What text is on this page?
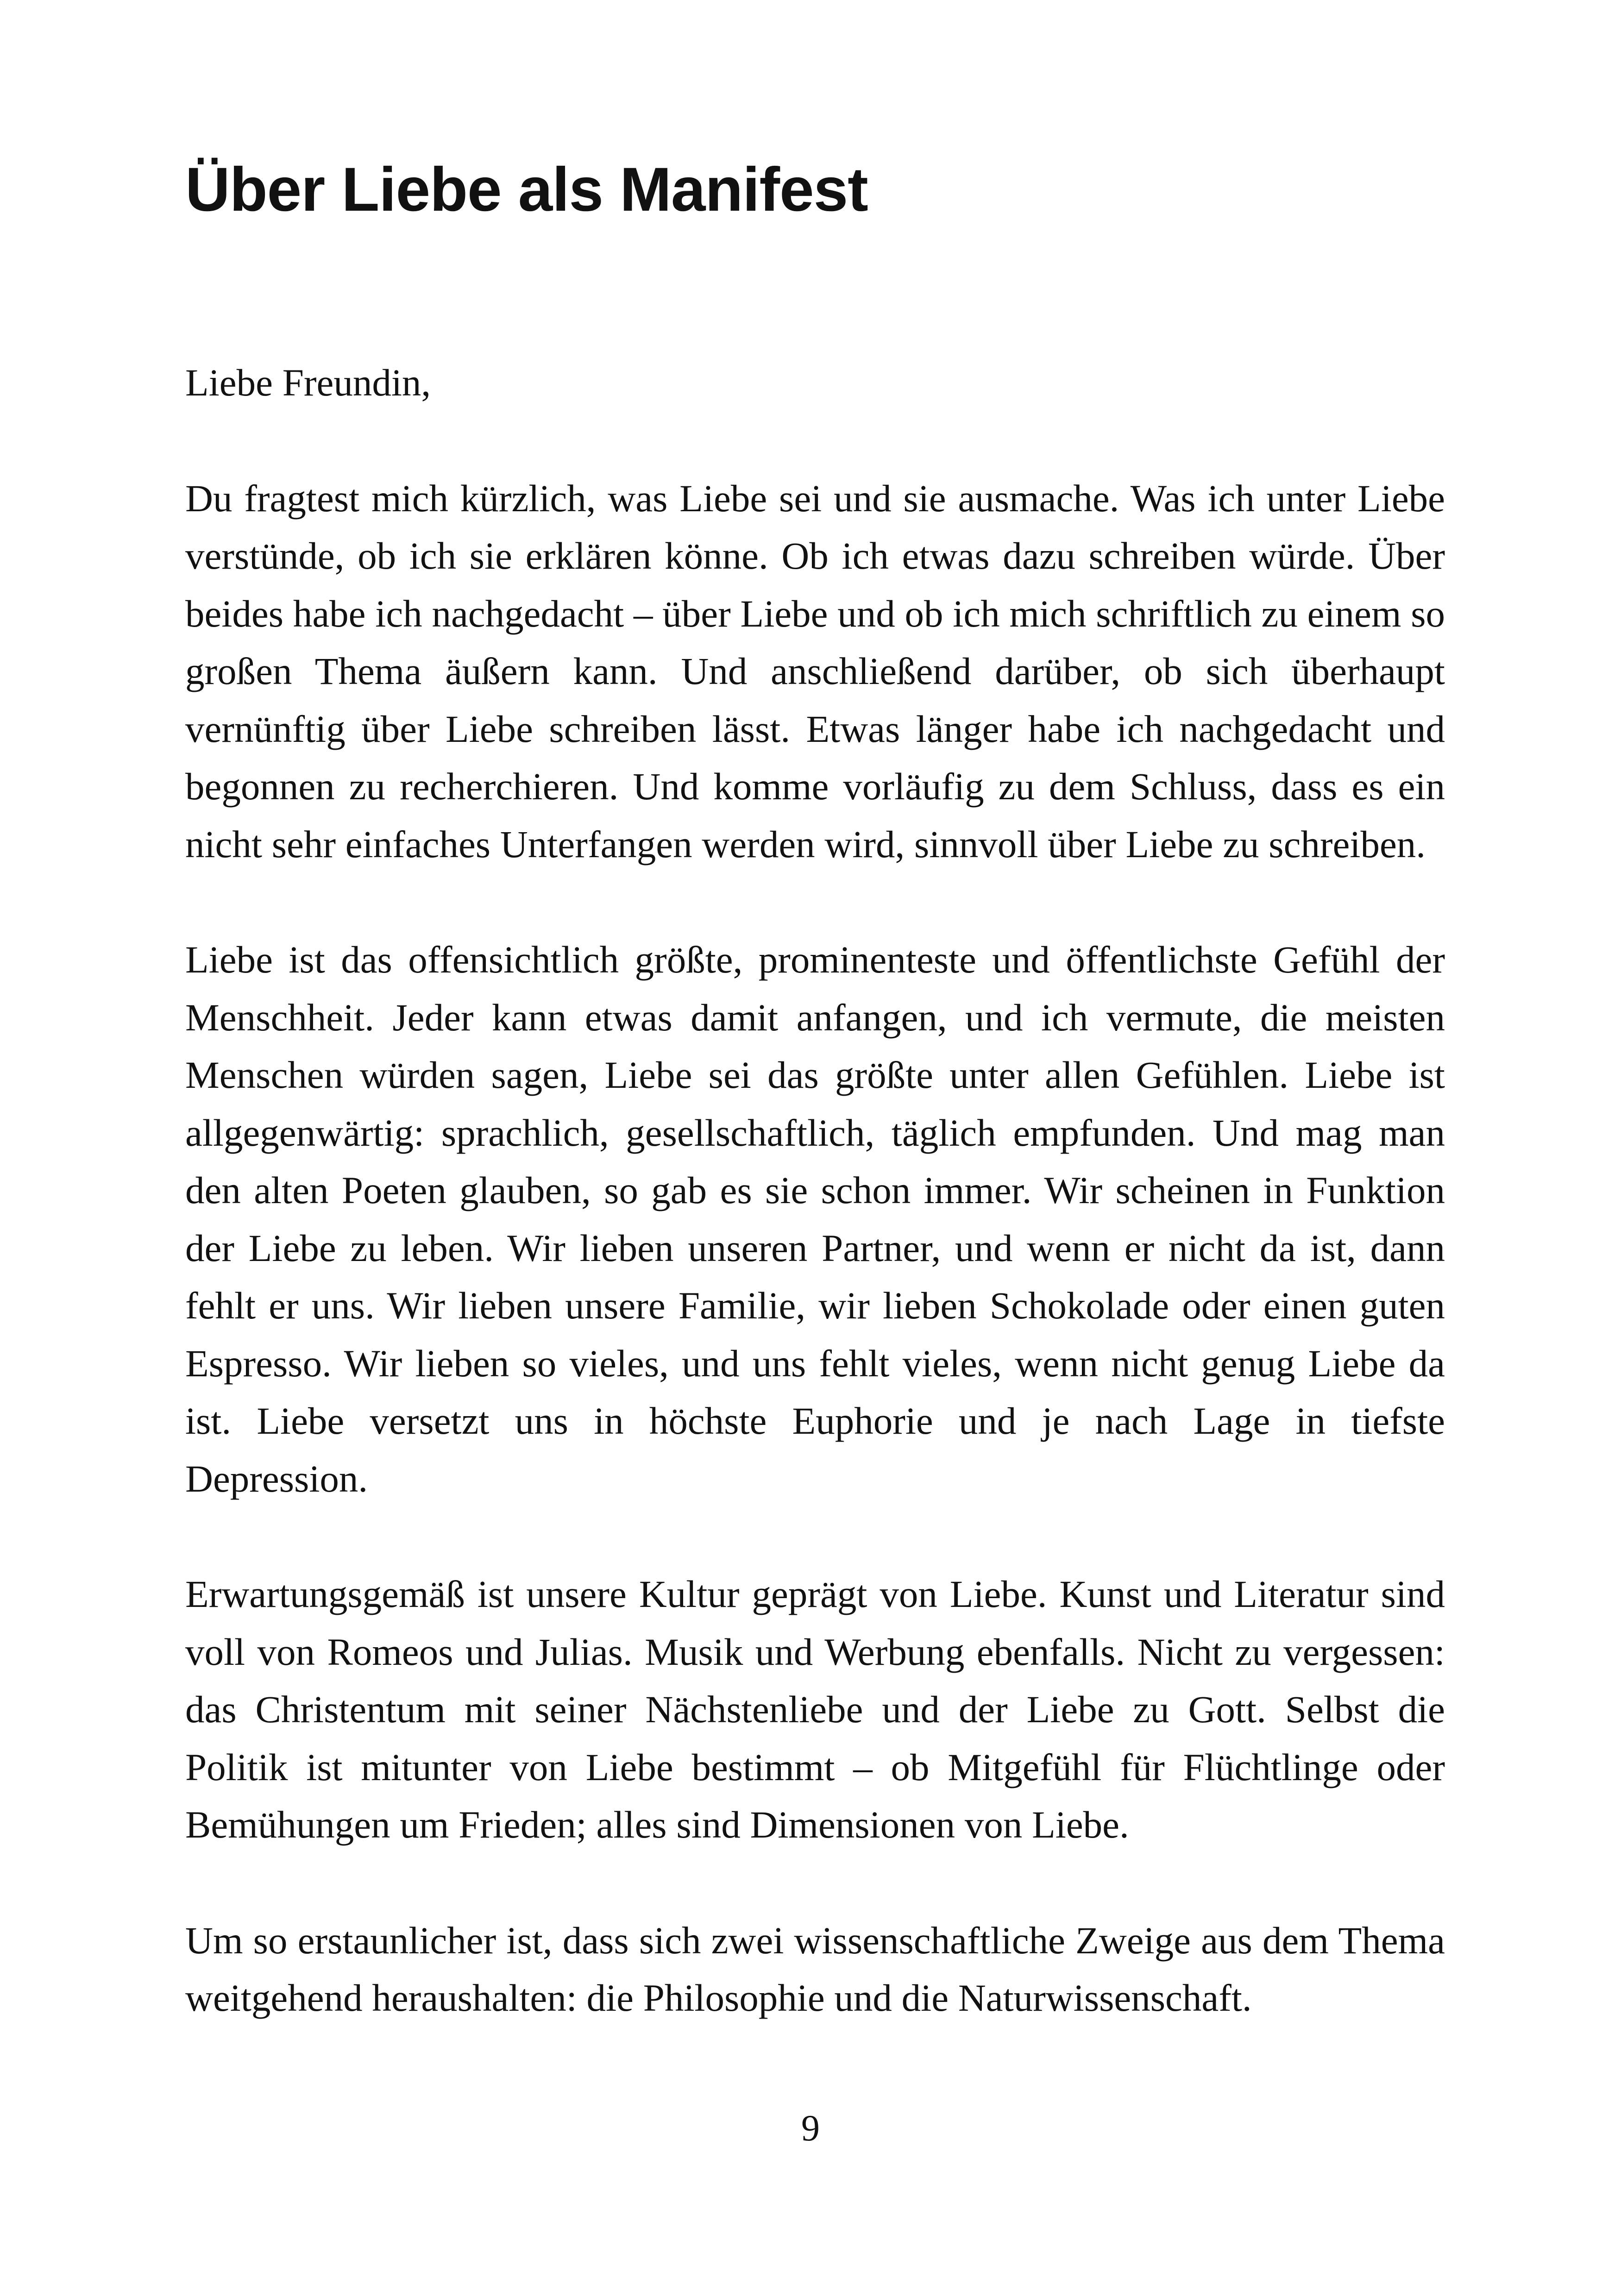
Über Liebe als Manifest

Liebe Freundin,

Du fragtest mich kürzlich, was Liebe sei und sie ausmache. Was ich unter Liebe verstünde, ob ich sie erklären könne. Ob ich etwas dazu schreiben würde. Über beides habe ich nachgedacht – über Liebe und ob ich mich schriftlich zu einem so großen Thema äußern kann. Und anschließend darüber, ob sich überhaupt vernünftig über Liebe schreiben lässt. Etwas länger habe ich nachgedacht und begonnen zu recherchieren. Und komme vorläufig zu dem Schluss, dass es ein nicht sehr einfaches Unterfangen werden wird, sinnvoll über Liebe zu schreiben.

Liebe ist das offensichtlich größte, prominenteste und öffentlichste Gefühl der Menschheit. Jeder kann etwas damit anfangen, und ich vermute, die meisten Menschen würden sagen, Liebe sei das größte unter allen Gefühlen. Liebe ist allgegenwärtig: sprachlich, gesellschaftlich, täglich empfunden. Und mag man den alten Poeten glauben, so gab es sie schon immer. Wir scheinen in Funktion der Liebe zu leben. Wir lieben unseren Partner, und wenn er nicht da ist, dann fehlt er uns. Wir lieben unsere Familie, wir lieben Schokolade oder einen guten Espresso. Wir lieben so vieles, und uns fehlt vieles, wenn nicht genug Liebe da ist. Liebe versetzt uns in höchste Euphorie und je nach Lage in tiefste Depression.

Erwartungsgemäß ist unsere Kultur geprägt von Liebe. Kunst und Literatur sind voll von Romeos und Julias. Musik und Werbung ebenfalls. Nicht zu vergessen: das Christentum mit seiner Nächstenliebe und der Liebe zu Gott. Selbst die Politik ist mitunter von Liebe bestimmt – ob Mitgefühl für Flüchtlinge oder Bemühungen um Frieden; alles sind Dimensionen von Liebe.

Um so erstaunlicher ist, dass sich zwei wissenschaftliche Zweige aus dem Thema weitgehend heraushalten: die Philosophie und die Naturwissenschaft.

9
